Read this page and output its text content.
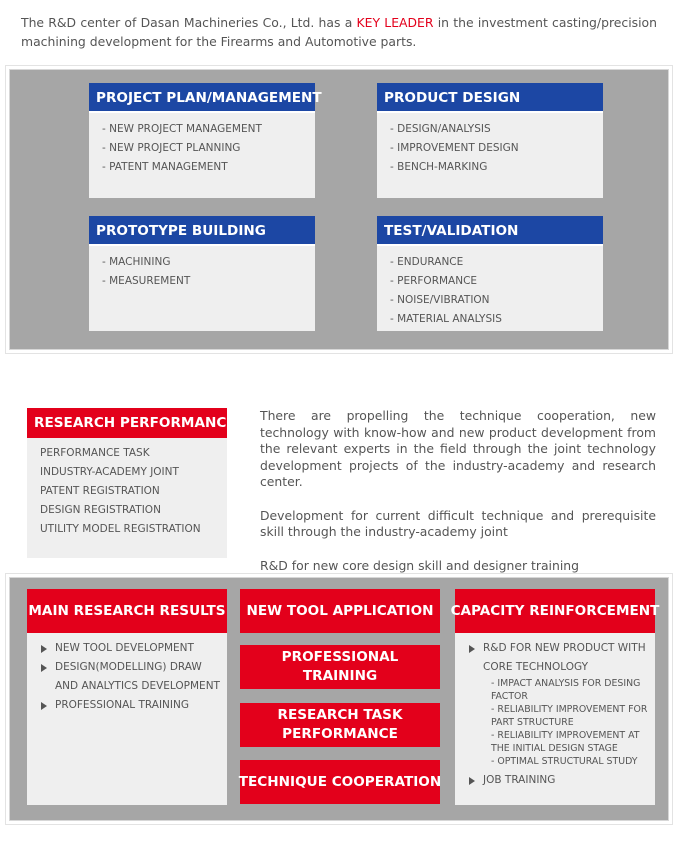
The R&D center of Dasan Machineries Co., Ltd. has a KEY LEADER in the investment casting/precision machining development for the Firearms and Automotive parts.

PROJECT PLAN/MANAGEMENT
- NEW PROJECT MANAGEMENT
- NEW PROJECT PLANNING
- PATENT MANAGEMENT
PRODUCT DESIGN
- DESIGN/ANALYSIS
- IMPROVEMENT DESIGN
- BENCH-MARKING
PROTOTYPE BUILDING
- MACHINING
- MEASUREMENT
TEST/VALIDATION
- ENDURANCE
- PERFORMANCE
- NOISE/VIBRATION
- MATERIAL ANALYSIS
RESEARCH PERFORMANCE
PERFORMANCE TASK
INDUSTRY-ACADEMY JOINT
PATENT REGISTRATION
DESIGN REGISTRATION
UTILITY MODEL REGISTRATION

There are propelling the technique cooperation, new technology with know-how and new product development from the relevant experts in the field through the joint technology development projects of the industry-academy and research center.

Development for current difficult technique and prerequisite skill through the industry-academy joint

R&D for new core design skill and designer training

MAIN RESEARCH RESULTS
NEW TOOL DEVELOPMENT
DESIGN(MODELLING) DRAW AND ANALYTICS DEVELOPMENT
PROFESSIONAL TRAINING
NEW TOOL APPLICATION
PROFESSIONAL TRAINING
RESEARCH TASK PERFORMANCE
TECHNIQUE COOPERATION
CAPACITY REINFORCEMENT
R&D FOR NEW PRODUCT WITH CORE TECHNOLOGY
- IMPACT ANALYSIS FOR DESING FACTOR
- RELIABILITY IMPROVEMENT FOR PART STRUCTURE
- RELIABILITY IMPROVEMENT AT THE INITIAL DESIGN STAGE
- OPTIMAL STRUCTURAL STUDY
JOB TRAINING
